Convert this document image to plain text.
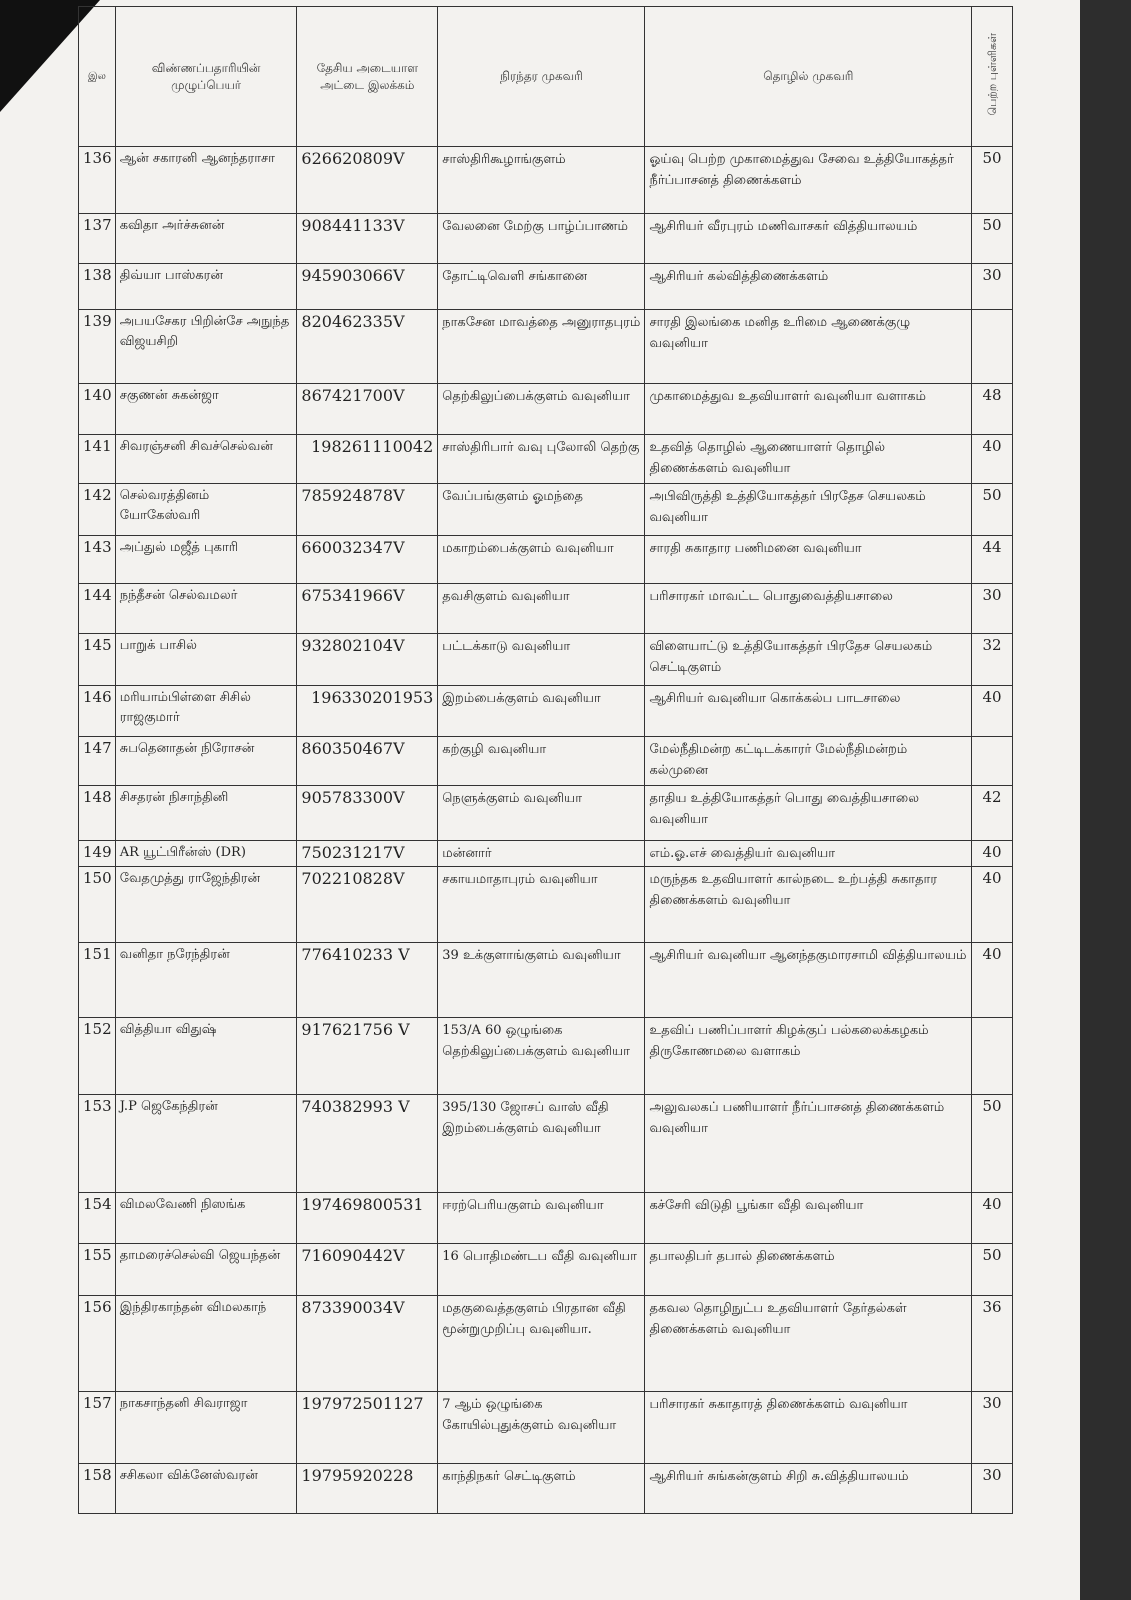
இல	விண்ணப்பதாரியின் முழுப்பெயர்	தேசிய அடையாள அட்டை இலக்கம்	நிரந்தர முகவரி	தொழில் முகவரி	பெற்ற புள்ளிகள்
136	ஆன் சகாரனி ஆனந்தராசா	626620809V	சாஸ்திரிகூழாங்குளம்	ஓய்வு பெற்ற முகாமைத்துவ சேவை உத்தியோகத்தர் நீர்ப்பாசனத் திணைக்களம்	50
137	கவிதா அர்ச்சுனன்	908441133V	வேலனை மேற்கு பாழ்ப்பாணம்	ஆசிரியர் வீரபுரம் மணிவாசகர் வித்தியாலயம்	50
138	திவ்யா பாஸ்கரன்	945903066V	தோட்டிவெளி சங்கானை	ஆசிரியர் கல்வித்திணைக்களம்	30
139	அபயசேகர பிறின்சே அநுந்த விஜயசிறி	820462335V	நாகசேன மாவத்தை அனுராதபுரம்	சாரதி இலங்கை மனித உரிமை ஆணைக்குழு வவுனியா	
140	சகுணன் சுகன்ஜா	867421700V	தெற்கிலுப்பைக்குளம் வவுனியா	முகாமைத்துவ உதவியாளர் வவுனியா வளாகம்	48
141	சிவரஞ்சனி சிவச்செல்வன்	198261110042	சாஸ்திரிபார் வவு புலோலி தெற்கு	உதவித் தொழில் ஆணையாளர் தொழில் திணைக்களம் வவுனியா	40
142	செல்வரத்தினம் யோகேஸ்வரி	785924878V	வேப்பங்குளம் ஓமந்தை	அபிவிருத்தி உத்தியோகத்தர் பிரதேச செயலகம் வவுனியா	50
143	அப்துல் மஜீத் புகாரி	660032347V	மகாறம்பைக்குளம் வவுனியா	சாரதி சுகாதார பணிமனை வவுனியா	44
144	நந்தீசன் செல்வமலர்	675341966V	தவசிகுளம் வவுனியா	பரிசாரகர் மாவட்ட பொதுவைத்தியசாலை	30
145	பாறுக் பாசில்	932802104V	பட்டக்காடு வவுனியா	விளையாட்டு உத்தியோகத்தர் பிரதேச செயலகம் செட்டிகுளம்	32
146	மரியாம்பிள்ளை சிசில் ராஜகுமார்	196330201953	இறம்பைக்குளம் வவுனியா	ஆசிரியர் வவுனியா கொக்கல்ப பாடசாலை	40
147	சுபதெனாதன் நிரோசன்	860350467V	கற்குழி வவுனியா	மேல்நீதிமன்ற கட்டிடக்காரர் மேல்நீதிமன்றம் கல்முனை	
148	சிசதரன் நிசாந்தினி	905783300V	நெளுக்குளம் வவுனியா	தாதிய உத்தியோகத்தர் பொது வைத்தியசாலை வவுனியா	42
149	AR யூட்பிரீன்ஸ் (DR)	750231217V	மன்னார்	எம்.ஓ.எச் வைத்தியர் வவுனியா	40
150	வேதமுத்து ராஜேந்திரன்	702210828V	சகாயமாதாபுரம் வவுனியா	மருந்தக உதவியாளர் கால்நடை உற்பத்தி சுகாதார திணைக்களம் வவுனியா	40
151	வனிதா நரேந்திரன்	776410233 V	39 உக்குளாங்குளம் வவுனியா	ஆசிரியர் வவுனியா ஆனந்தகுமாரசாமி வித்தியாலயம்	40
152	வித்தியா விதுஷ்	917621756 V	153/A 60 ஒழுங்கை தெற்கிலுப்பைக்குளம் வவுனியா	உதவிப் பணிப்பாளர் கிழக்குப் பல்கலைக்கழகம் திருகோணமலை வளாகம்	
153	J.P ஜெகேந்திரன்	740382993 V	395/130 ஜோசப் வாஸ் வீதி இறம்பைக்குளம் வவுனியா	அலுவலகப் பணியாளர் நீர்ப்பாசனத் திணைக்களம் வவுனியா	50
154	விமலவேணி நிஸங்க	197469800531	ஈரற்பெரியகுளம் வவுனியா	கச்சேரி விடுதி பூங்கா வீதி வவுனியா	40
155	தாமரைச்செல்வி ஜெயந்தன்	716090442V	16 பொதிமண்டப வீதி வவுனியா	தபாலதிபர் தபால் திணைக்களம்	50
156	இந்திரகாந்தன் விமலகாந்	873390034V	மதகுவைத்தகுளம் பிரதான வீதி மூன்றுமுறிப்பு வவுனியா.	தகவல தொழிநுட்ப உதவியாளர் தேர்தல்கள் திணைக்களம் வவுனியா	36
157	நாகசாந்தனி சிவராஜா	197972501127	7 ஆம் ஒழுங்கை கோயில்புதுக்குளம் வவுனியா	பரிசாரகர் சுகாதாரத் திணைக்களம் வவுனியா	30
158	சசிகலா விக்னேஸ்வரன்	19795920228	காந்திநகர் செட்டிகுளம்	ஆசிரியர் சுங்கன்குளம் சிறி சு.வித்தியாலயம்	30
